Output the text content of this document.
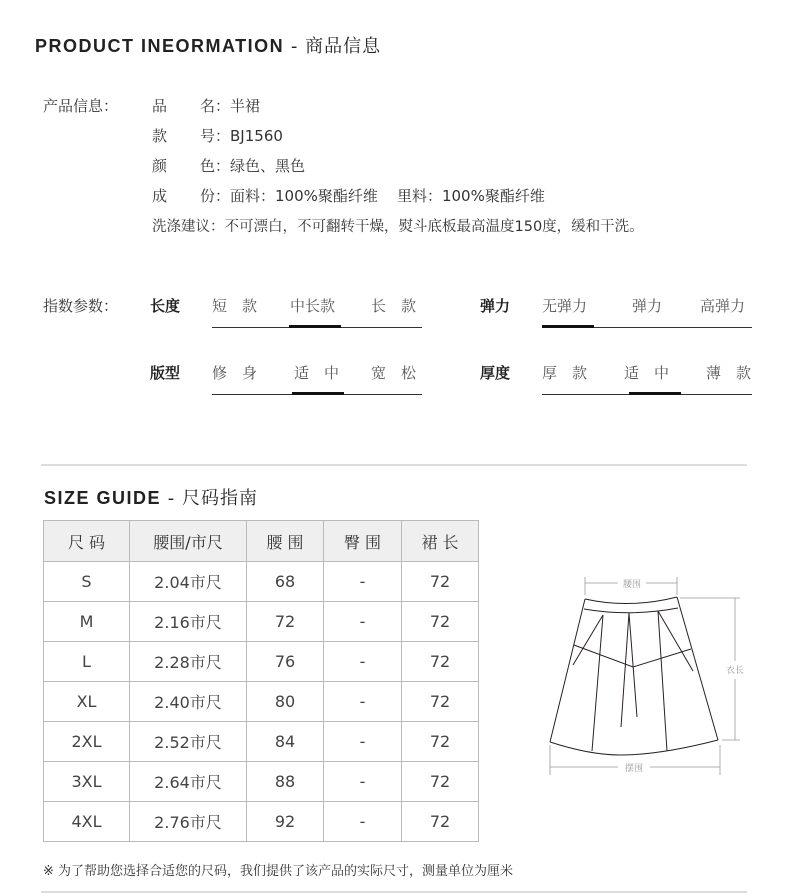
PRODUCT INEORMATION - 商品信息
产品信息： 品 名：半裙
款 号：BJ1560
颜 色：绿色、黑色
成 份：面料：100%聚酯纤维    里料：100%聚酯纤维
洗涤建议：不可漂白，不可翻转干燥，熨斗底板最高温度150度，缓和干洗。
指数参数： 长度 短　款 中长款 长　款	弹力 无弹力	弹力	高弹力
版型 修　身 适　中 宽　松	厚度 厚　款 适　中 薄　款
SIZE GUIDE - 尺码指南
尺 码	腰围/市尺	腰 围	臀 围	裙 长
S	2.04市尺	68	-	72
M	2.16市尺	72	-	72
L	2.28市尺	76	-	72
XL	2.40市尺	80	-	72
2XL	2.52市尺	84	-	72
3XL	2.64市尺	88	-	72
4XL	2.76市尺	92	-	72
腰围
衣长
摆围
※ 为了帮助您选择合适您的尺码，我们提供了该产品的实际尺寸，测量单位为厘米
